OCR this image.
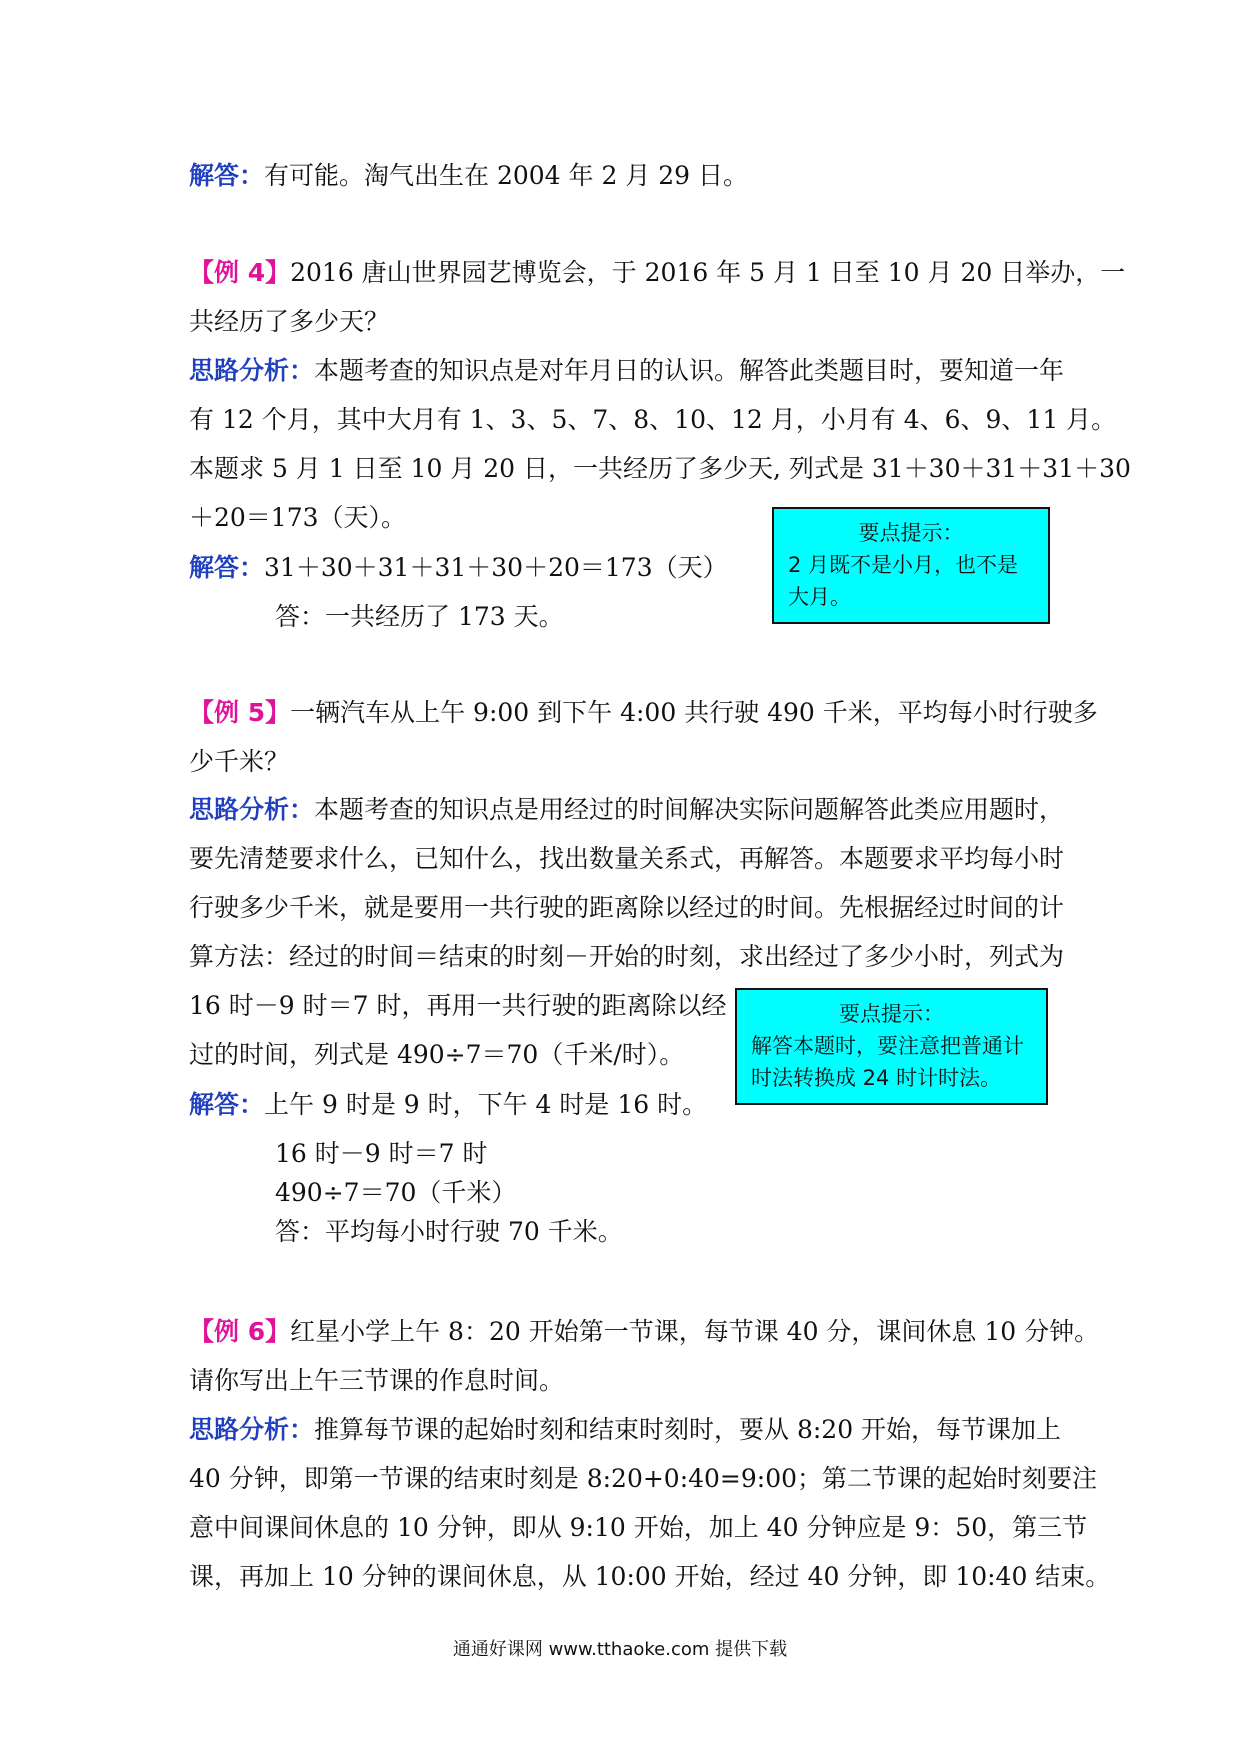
解答：有可能。淘气出生在 2004 年 2 月 29 日。

【例 4】2016 唐山世界园艺博览会，于 2016 年 5 月 1 日至 10 月 20 日举办，一

共经历了多少天？

思路分析：本题考查的知识点是对年月日的认识。解答此类题目时，要知道一年

有 12 个月，其中大月有 1、3、5、7、8、10、12 月，小月有 4、6、9、11 月。

本题求 5 月 1 日至 10 月 20 日，一共经历了多少天, 列式是 31＋30＋31＋31＋30

＋20＝173（天）。

解答：31＋30＋31＋31＋30＋20＝173（天）

答：一共经历了 173 天。

要点提示：
2 月既不是小月，也不是大月。

【例 5】一辆汽车从上午 9:00 到下午 4:00 共行驶 490 千米，平均每小时行驶多

少千米？

思路分析：本题考查的知识点是用经过的时间解决实际问题解答此类应用题时，

要先清楚要求什么，已知什么，找出数量关系式，再解答。本题要求平均每小时

行驶多少千米，就是要用一共行驶的距离除以经过的时间。先根据经过时间的计

算方法：经过的时间＝结束的时刻－开始的时刻，求出经过了多少小时，列式为

16 时－9 时＝7 时，再用一共行驶的距离除以经

过的时间，列式是 490÷7＝70（千米/时）。

解答：上午 9 时是 9 时，下午 4 时是 16 时。

16 时－9 时＝7 时

490÷7＝70（千米）

答：平均每小时行驶 70 千米。

要点提示：
解答本题时，要注意把普通计时法转换成 24 时计时法。

【例 6】红星小学上午 8：20 开始第一节课，每节课 40 分，课间休息 10 分钟。

请你写出上午三节课的作息时间。

思路分析：推算每节课的起始时刻和结束时刻时，要从 8:20 开始，每节课加上

40 分钟，即第一节课的结束时刻是 8:20+0:40=9:00；第二节课的起始时刻要注

意中间课间休息的 10 分钟，即从 9:10 开始，加上 40 分钟应是 9：50，第三节

课，再加上 10 分钟的课间休息，从 10:00 开始，经过 40 分钟，即 10:40 结束。

通通好课网 www.tthaoke.com 提供下载
